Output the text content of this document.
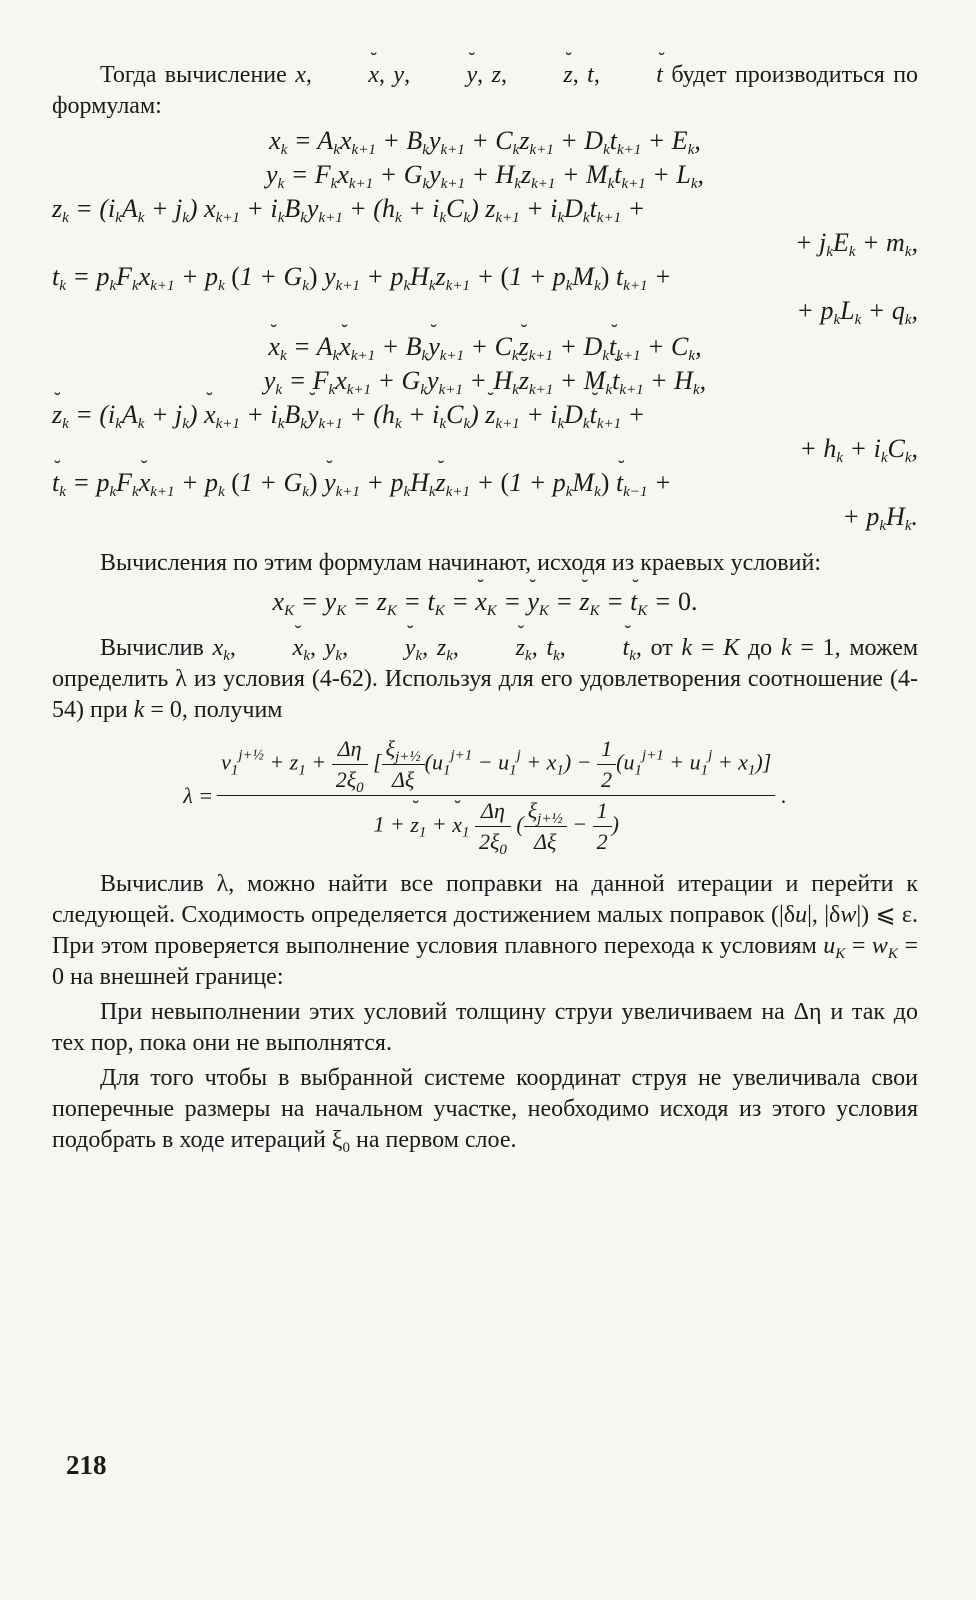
Тогда вычисление x, ˘ x, y, ˘ y, z, ˘ z, t, ˘ t будет производиться по формулам:

$x_k = A_kx_{k+1} + B_ky_{k+1} + C_kz_{k+1} + D_kt_{k+1} + E_k$,
$y_k = F_kx_{k+1} + G_ky_{k+1} + H_kz_{k+1} + M_kt_{k+1} + L_k$,
$z_k = (i_kA_k + j_k) x_{k+1} + i_kB_ky_{k+1} + (h_k + i_kC_k) z_{k+1} + i_kD_kt_{k+1}$ +
+ $j_kE_k + m_k$,
$t_k = p_kF_kx_{k+1} + p_k$ $(1 + G_k)$ $y_{k+1} + p_kH_kz_{k+1} + (1 + p_kM_k) t_{k+1}$ +
+ $p_kL_k + q_k$,
˘ $x_k$ = $A_k˘$ $x_{k+1}$ + $B_k˘$ $y_{k+1}$ + $C_k˘$ $z_{k+1}$ + $D_k˘$ $t_{k+1} + C_k$,
$y_k = F_kx_{k+1} + G_ky_{k+1}$ + $H_k˘$ $z_{k+1}$ + $M_k˘$ $t_{k+1} + H_k$,
˘ $z_k = (i_kA_k + j_k)$ ˘ $x_{k+1}$ + $i_kB_k˘$ $y_{k+1} + (h_k + i_kC_k)$ ˘ $z_{k+1}$ + $i_kD_k˘$ $t_{k+1}$ +
+ $h_k + i_kC_k$,
˘ $t_k$ = $p_kF_k˘$ $x_{k+1} + p_k$ $(1 + G_k)$ ˘ $y_{k+1}$ + $p_kH_k˘$ $z_{k+1} + (1 + p_kM_k)$ ˘ $t_{k-1}$ +
+ $p_kH_k$.

Вычисления по этим формулам начинают, исходя из краевых условий:

$x_K = y_K = z_K = t_K$ = ˘ $x_K$ = ˘ $y_K$ = ˘ $z_K$ = ˘ $t_K = 0$.

Вычислив $x_k$, ˘ $x_k$, $y_k$, ˘ $y_k$, $z_k$, ˘ $z_k$, $t_k$, ˘ $t_k$, от k = K до k = 1, можем определить λ из условия (4-62). Используя для его удовлетворения соотношение (4-54) при k = 0, получим

λ =
$v_1^{j+\frac{1}{2}} + z_1 + \frac{\Delta\eta}{2\xi_0}$ [ $\frac{\xi_{j+\frac{1}{2}}}{\Delta\xi} (u_1^{j+1} - u_1^j + x_1) - \frac{1}{2} (u_1^{j+1} + u_1^j + x_1)$]
1 + ˘ $z_1$ + ˘ $x_1 \frac{\Delta\eta}{2\xi_0}$ ( $\frac{\xi_{j+\frac{1}{2}}}{\Delta\xi} - \frac{1}{2}$ )
.

Вычислив λ, можно найти все поправки на данной итерации и перейти к следующей. Сходимость определяется достижением малых поправок (|δu|, |δw|) ⩽ ε. При этом проверяется выполнение условия плавного перехода к условиям $u_K = w_K = 0$ на внешней границе:

При невыполнении этих условий толщину струи увеличиваем на Δη и так до тех пор, пока они не выполнятся.

Для того чтобы в выбранной системе координат струя не увеличивала свои поперечные размеры на начальном участке, необходимо исходя из этого условия подобрать в ходе итераций $\xi_0$ на первом слое.

218
